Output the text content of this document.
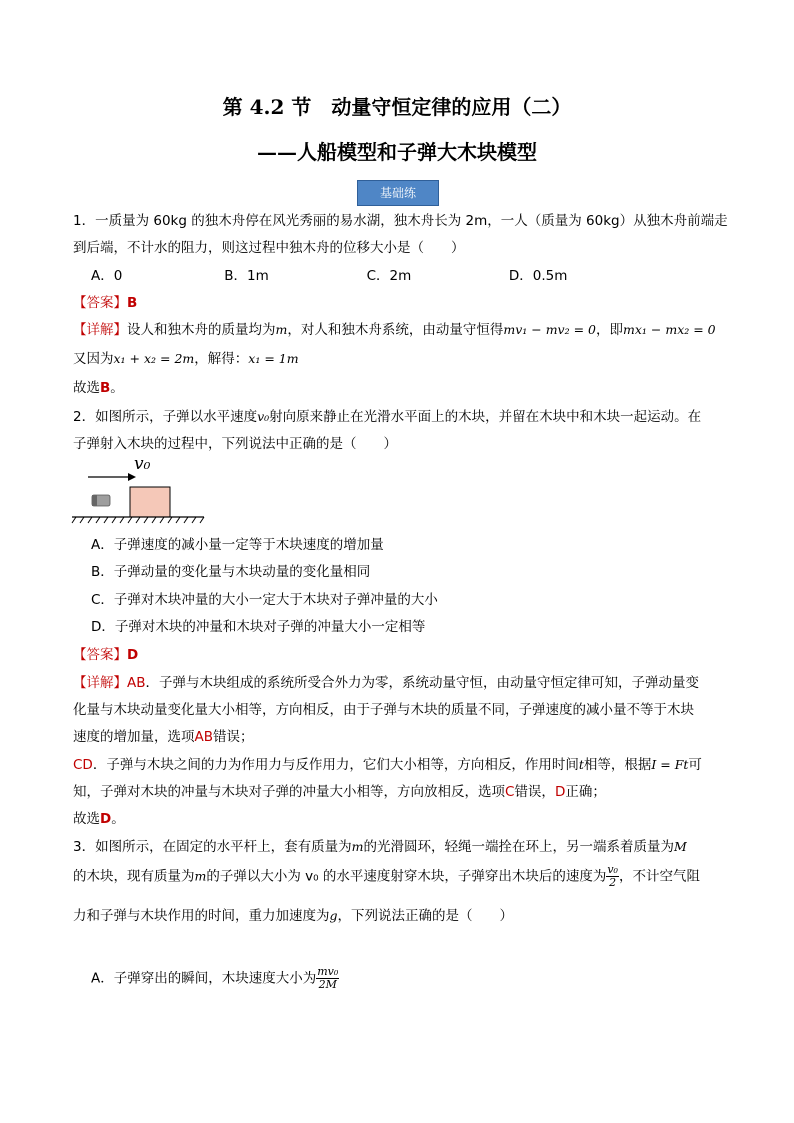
第 4.2 节　动量守恒定律的应用（二）
——人船模型和子弹大木块模型
基础练
1．一质量为 60kg 的独木舟停在风光秀丽的易水湖，独木舟长为 2m，一人（质量为 60kg）从独木舟前端走
到后端，不计水的阻力，则这过程中独木舟的位移大小是（　　）
A．0	B．1m	C．2m	D．0.5m
【答案】B
【详解】设人和独木舟的质量均为m，对人和独木舟系统，由动量守恒得mv₁ − mv₂ = 0，即mx₁ − mx₂ = 0
又因为x₁ + x₂ = 2m，解得：x₁ = 1m
故选B。
2．如图所示，子弹以水平速度v₀射向原来静止在光滑水平面上的木块，并留在木块中和木块一起运动。在
子弹射入木块的过程中，下列说法中正确的是（　　）
v₀
A．子弹速度的减小量一定等于木块速度的增加量
B．子弹动量的变化量与木块动量的变化量相同
C．子弹对木块冲量的大小一定大于木块对子弹冲量的大小
D．子弹对木块的冲量和木块对子弹的冲量大小一定相等
【答案】D
【详解】AB．子弹与木块组成的系统所受合外力为零，系统动量守恒，由动量守恒定律可知，子弹动量变
化量与木块动量变化量大小相等，方向相反，由于子弹与木块的质量不同，子弹速度的减小量不等于木块
速度的增加量，选项AB错误；
CD．子弹与木块之间的力为作用力与反作用力，它们大小相等，方向相反，作用时间t相等，根据I = Ft可
知，子弹对木块的冲量与木块对子弹的冲量大小相等，方向放相反，选项C错误，D正确；
故选D。
3．如图所示，在固定的水平杆上，套有质量为m的光滑圆环，轻绳一端拴在环上，另一端系着质量为M
的木块，现有质量为m的子弹以大小为 v₀ 的水平速度射穿木块，子弹穿出木块后的速度为 $\frac{\text{v₀}}{2}$ ，不计空气阻
力和子弹与木块作用的时间，重力加速度为g，下列说法正确的是（　　）
A．子弹穿出的瞬间，木块速度大小为 $\frac{\text{mv₀}}{2M}$
